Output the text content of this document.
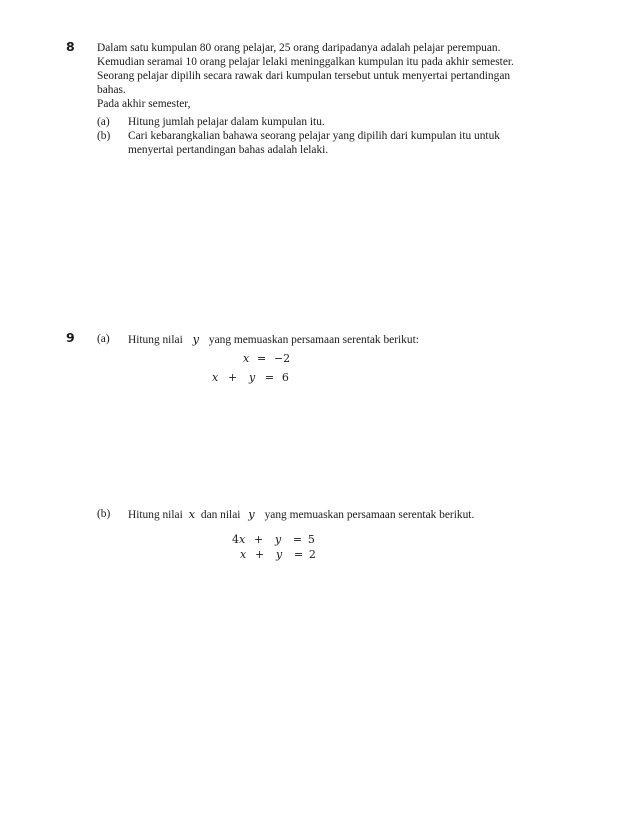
8 Dalam satu kumpulan 80 orang pelajar, 25 orang daripadanya adalah pelajar perempuan.
Kemudian seramai 10 orang pelajar lelaki meninggalkan kumpulan itu pada akhir semester.
Seorang pelajar dipilih secara rawak dari kumpulan tersebut untuk menyertai pertandingan
bahas.
Pada akhir semester,
(a) Hitung jumlah pelajar dalam kumpulan itu.
(b) Cari kebarangkalian bahawa seorang pelajar yang dipilih dari kumpulan itu untuk
menyertai pertandingan bahas adalah lelaki.
9 (a) Hitung nilai y yang memuaskan persamaan serentak berikut:
x = −2
x + y = 6
(b) Hitung nilai x dan nilai y yang memuaskan persamaan serentak berikut.
4x + y = 5
x + y = 2
